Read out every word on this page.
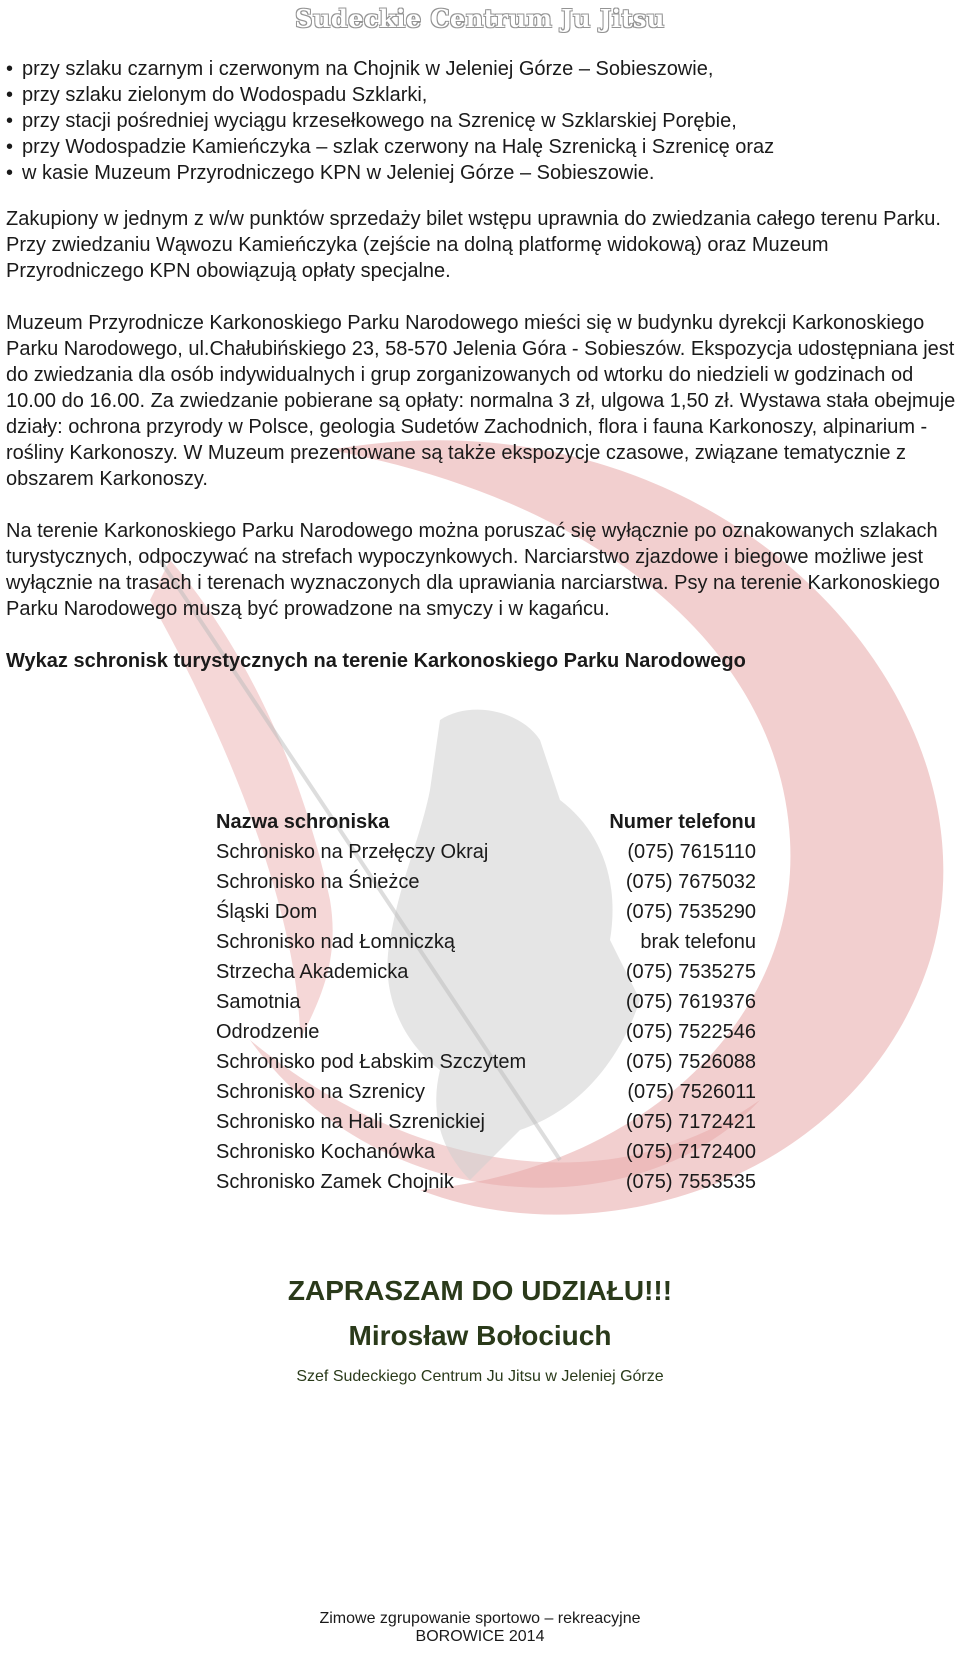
Sudeckie Centrum Ju Jitsu
• przy szlaku czarnym i czerwonym na Chojnik w Jeleniej Górze – Sobieszowie,
• przy szlaku zielonym do Wodospadu Szklarki,
• przy stacji pośredniej wyciągu krzesełkowego na Szrenicę w Szklarskiej Porębie,
• przy Wodospadzie Kamieńczyka – szlak czerwony na Halę Szrenicką i Szrenicę oraz
• w kasie Muzeum Przyrodniczego KPN w Jeleniej Górze – Sobieszowie.

Zakupiony w jednym z w/w punktów sprzedaży bilet wstępu uprawnia do zwiedzania całego terenu Parku. Przy zwiedzaniu Wąwozu Kamieńczyka (zejście na dolną platformę widokową) oraz Muzeum Przyrodniczego KPN obowiązują opłaty specjalne.

Muzeum Przyrodnicze Karkonoskiego Parku Narodowego mieści się w budynku dyrekcji Karkonoskiego Parku Narodowego, ul.Chałubińskiego 23, 58-570 Jelenia Góra - Sobieszów. Ekspozycja udostępniana jest do zwiedzania dla osób indywidualnych i grup zorganizowanych od wtorku do niedzieli w godzinach od 10.00 do 16.00. Za zwiedzanie pobierane są opłaty: normalna 3 zł, ulgowa 1,50 zł. Wystawa stała obejmuje działy: ochrona przyrody w Polsce, geologia Sudetów Zachodnich, flora i fauna Karkonoszy, alpinarium - rośliny Karkonoszy. W Muzeum prezentowane są także ekspozycje czasowe, związane tematycznie z obszarem Karkonoszy.

Na terenie Karkonoskiego Parku Narodowego można poruszać się wyłącznie po oznakowanych szlakach turystycznych, odpoczywać na strefach wypoczynkowych. Narciarstwo zjazdowe i biegowe możliwe jest wyłącznie na trasach i terenach wyznaczonych dla uprawiania narciarstwa. Psy na terenie Karkonoskiego Parku Narodowego muszą być prowadzone na smyczy i w kagańcu.

Wykaz schronisk turystycznych na terenie Karkonoskiego Parku Narodowego

Nazwa schroniska	Numer telefonu
Schronisko na Przełęczy Okraj	(075) 7615110
Schronisko na Śnieżce	(075) 7675032
Śląski Dom	(075) 7535290
Schronisko nad Łomniczką	brak telefonu
Strzecha Akademicka	(075) 7535275
Samotnia	(075) 7619376
Odrodzenie	(075) 7522546
Schronisko pod Łabskim Szczytem	(075) 7526088
Schronisko na Szrenicy	(075) 7526011
Schronisko na Hali Szrenickiej	(075) 7172421
Schronisko Kochanówka	(075) 7172400
Schronisko Zamek Chojnik	(075) 7553535
ZAPRASZAM DO UDZIAŁU!!!
Mirosław Bołociuch
Szef Sudeckiego Centrum Ju Jitsu w Jeleniej Górze
Zimowe zgrupowanie sportowo – rekreacyjne
BOROWICE 2014
